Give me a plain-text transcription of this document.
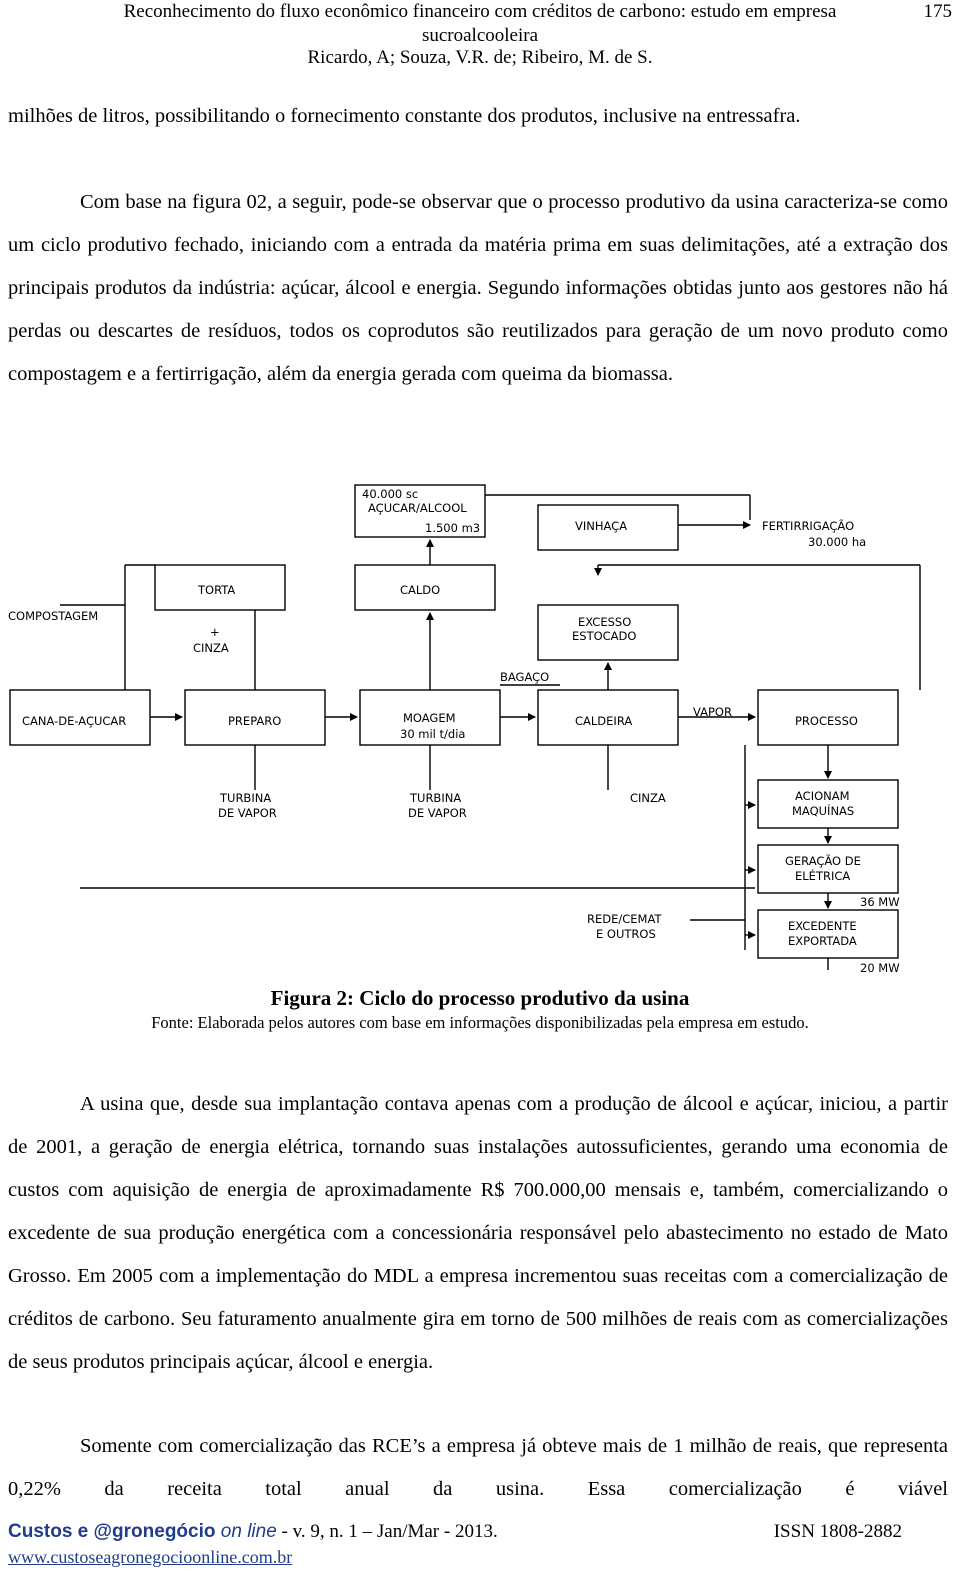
Reconhecimento do fluxo econômico financeiro com créditos de carbono: estudo em empresa
sucroalcooleira
Ricardo, A; Souza, V.R. de; Ribeiro, M. de S.
175

milhões de litros, possibilitando o fornecimento constante dos produtos, inclusive na entressafra.

Com base na figura 02, a seguir, pode-se observar que o processo produtivo da usina caracteriza-se como um ciclo produtivo fechado, iniciando com a entrada da matéria prima em suas delimitações, até a extração dos principais produtos da indústria: açúcar, álcool e energia. Segundo informações obtidas junto aos gestores não há perdas ou descartes de resíduos, todos os coprodutos são reutilizados para geração de um novo produto como compostagem e a fertirrigação, além da energia gerada com queima da biomassa.

40.000 sc
AÇUCAR/ALCOOL
1.500 m3	VINHAÇA	FERTIRRIGAÇÃO
30.000 ha
TORTA	CALDO
COMPOSTAGEM
+
CINZA
EXCESSO
ESTOCADO
BAGAÇO
CANA-DE-AÇUCAR	PREPARO	MOAGEM
30 mil t/dia
CALDEIRA
VAPOR
PROCESSO
TURBINA
DE VAPOR
TURBINA
DE VAPOR
CINZA	ACIONAM
MAQUÍNAS
GERAÇÃO DE
ELÉTRICA
36 MW
REDE/CEMAT
E OUTROS
EXCEDENTE
EXPORTADA
20 MW
Figura 2: Ciclo do processo produtivo da usina
Fonte: Elaborada pelos autores com base em informações disponibilizadas pela empresa em estudo.

A usina que, desde sua implantação contava apenas com a produção de álcool e açúcar, iniciou, a partir de 2001, a geração de energia elétrica, tornando suas instalações autossuficientes, gerando uma economia de custos com aquisição de energia de aproximadamente R$ 700.000,00 mensais e, também, comercializando o excedente de sua produção energética com a concessionária responsável pelo abastecimento no estado de Mato Grosso. Em 2005 com a implementação do MDL a empresa incrementou suas receitas com a comercialização de créditos de carbono. Seu faturamento anualmente gira em torno de 500 milhões de reais com as comercializações de seus produtos principais açúcar, álcool e energia.

Somente com comercialização das RCE’s a empresa já obteve mais de 1 milhão de reais, que representa 0,22% da receita total anual da usina. Essa comercialização é viável

Custos e @gronegócio on line - v. 9, n. 1 – Jan/Mar - 2013.	ISSN 1808-2882
www.custoseagronegocioonline.com.br
